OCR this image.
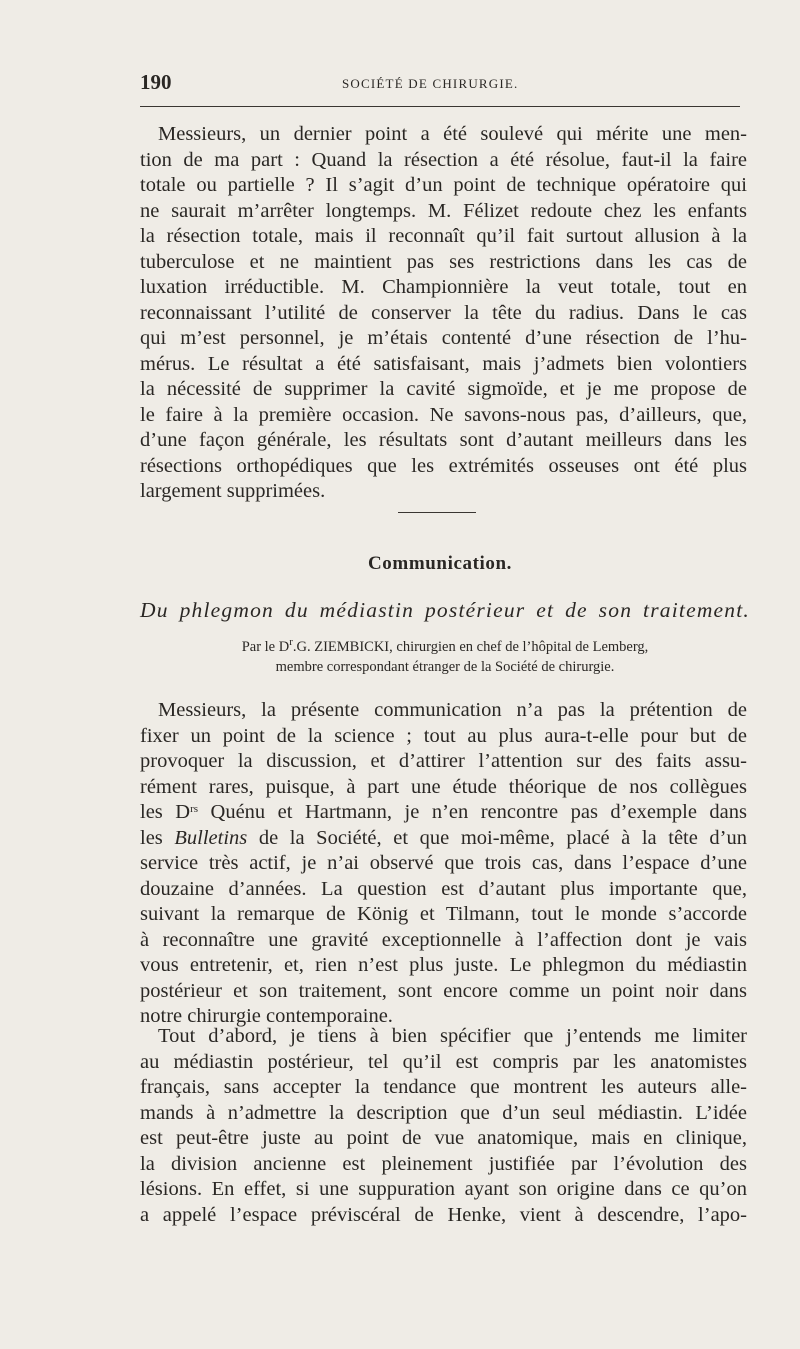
190	SOCIÉTÉ DE CHIRURGIE.

Messieurs, un dernier point a été soulevé qui mérite une men-

tion de ma part : Quand la résection a été résolue, faut-il la faire

totale ou partielle ? Il s’agit d’un point de technique opératoire qui

ne saurait m’arrêter longtemps. M. Félizet redoute chez les enfants

la résection totale, mais il reconnaît qu’il fait surtout allusion à la

tuberculose et ne maintient pas ses restrictions dans les cas de

luxation irréductible. M. Championnière la veut totale, tout en

reconnaissant l’utilité de conserver la tête du radius. Dans le cas

qui m’est personnel, je m’étais contenté d’une résection de l’hu-

mérus. Le résultat a été satisfaisant, mais j’admets bien volontiers

la nécessité de supprimer la cavité sigmoïde, et je me propose de

le faire à la première occasion. Ne savons-nous pas, d’ailleurs, que,

d’une façon générale, les résultats sont d’autant meilleurs dans les

résections orthopédiques que les extrémités osseuses ont été plus

largement supprimées.

Communication.
Du phlegmon du médiastin postérieur et de son traitement.
Par le $D^r.G$. ZIEMBICKI, chirurgien en chef de l’hôpital de Lemberg,
membre correspondant étranger de la Société de chirurgie.

Messieurs, la présente communication n’a pas la prétention de

fixer un point de la science ; tout au plus aura-t-elle pour but de

provoquer la discussion, et d’attirer l’attention sur des faits assu-

rément rares, puisque, à part une étude théorique de nos collègues

les $D^{rs}$ Quénu et Hartmann, je n’en rencontre pas d’exemple dans

les Bulletins de la Société, et que moi-même, placé à la tête d’un

service très actif, je n’ai observé que trois cas, dans l’espace d’une

douzaine d’années. La question est d’autant plus importante que,

suivant la remarque de König et Tilmann, tout le monde s’accorde

à reconnaître une gravité exceptionnelle à l’affection dont je vais

vous entretenir, et, rien n’est plus juste. Le phlegmon du médiastin

postérieur et son traitement, sont encore comme un point noir dans

notre chirurgie contemporaine.

Tout d’abord, je tiens à bien spécifier que j’entends me limiter

au médiastin postérieur, tel qu’il est compris par les anatomistes

français, sans accepter la tendance que montrent les auteurs alle-

mands à n’admettre la description que d’un seul médiastin. L’idée

est peut-être juste au point de vue anatomique, mais en clinique,

la division ancienne est pleinement justifiée par l’évolution des

lésions. En effet, si une suppuration ayant son origine dans ce qu’on

a appelé l’espace préviscéral de Henke, vient à descendre, l’apo-
